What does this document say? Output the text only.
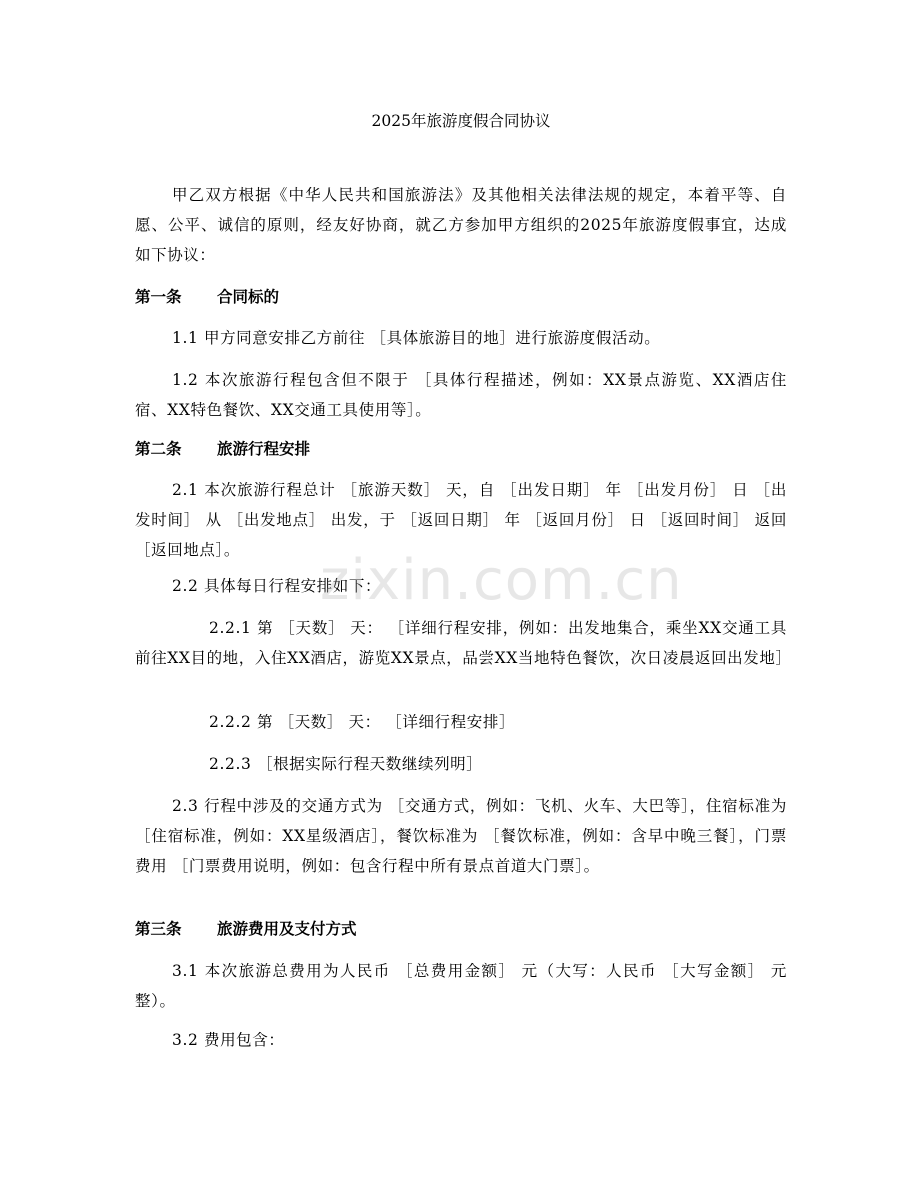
2025年旅游度假合同协议
甲乙双方根据《中华人民共和国旅游法》及其他相关法律法规的规定，本着平等、自愿、公平、诚信的原则，经友好协商，就乙方参加甲方组织的2025年旅游度假事宜，达成如下协议：
第一条 合同标的
1.1 甲方同意安排乙方前往 ［具体旅游目的地］进行旅游度假活动。
1.2 本次旅游行程包含但不限于 ［具体行程描述，例如：XX景点游览、XX酒店住宿、XX特色餐饮、XX交通工具使用等］。
第二条 旅游行程安排
2.1 本次旅游行程总计 ［旅游天数］ 天，自 ［出发日期］ 年 ［出发月份］ 日 ［出发时间］ 从 ［出发地点］ 出发，于 ［返回日期］ 年 ［返回月份］ 日 ［返回时间］ 返回 ［返回地点］。
2.2 具体每日行程安排如下：
2.2.1 第 ［天数］ 天： ［详细行程安排，例如：出发地集合，乘坐XX交通工具前往XX目的地，入住XX酒店，游览XX景点，品尝XX当地特色餐饮，次日凌晨返回出发地］
2.2.2 第 ［天数］ 天： ［详细行程安排］
2.2.3 ［根据实际行程天数继续列明］
2.3 行程中涉及的交通方式为 ［交通方式，例如：飞机、火车、大巴等］，住宿标准为 ［住宿标准，例如：XX星级酒店］，餐饮标准为 ［餐饮标准，例如：含早中晚三餐］，门票费用 ［门票费用说明，例如：包含行程中所有景点首道大门票］。
第三条 旅游费用及支付方式
3.1 本次旅游总费用为人民币 ［总费用金额］ 元（大写：人民币 ［大写金额］ 元整）。
3.2 费用包含：
zixin.com.cn
